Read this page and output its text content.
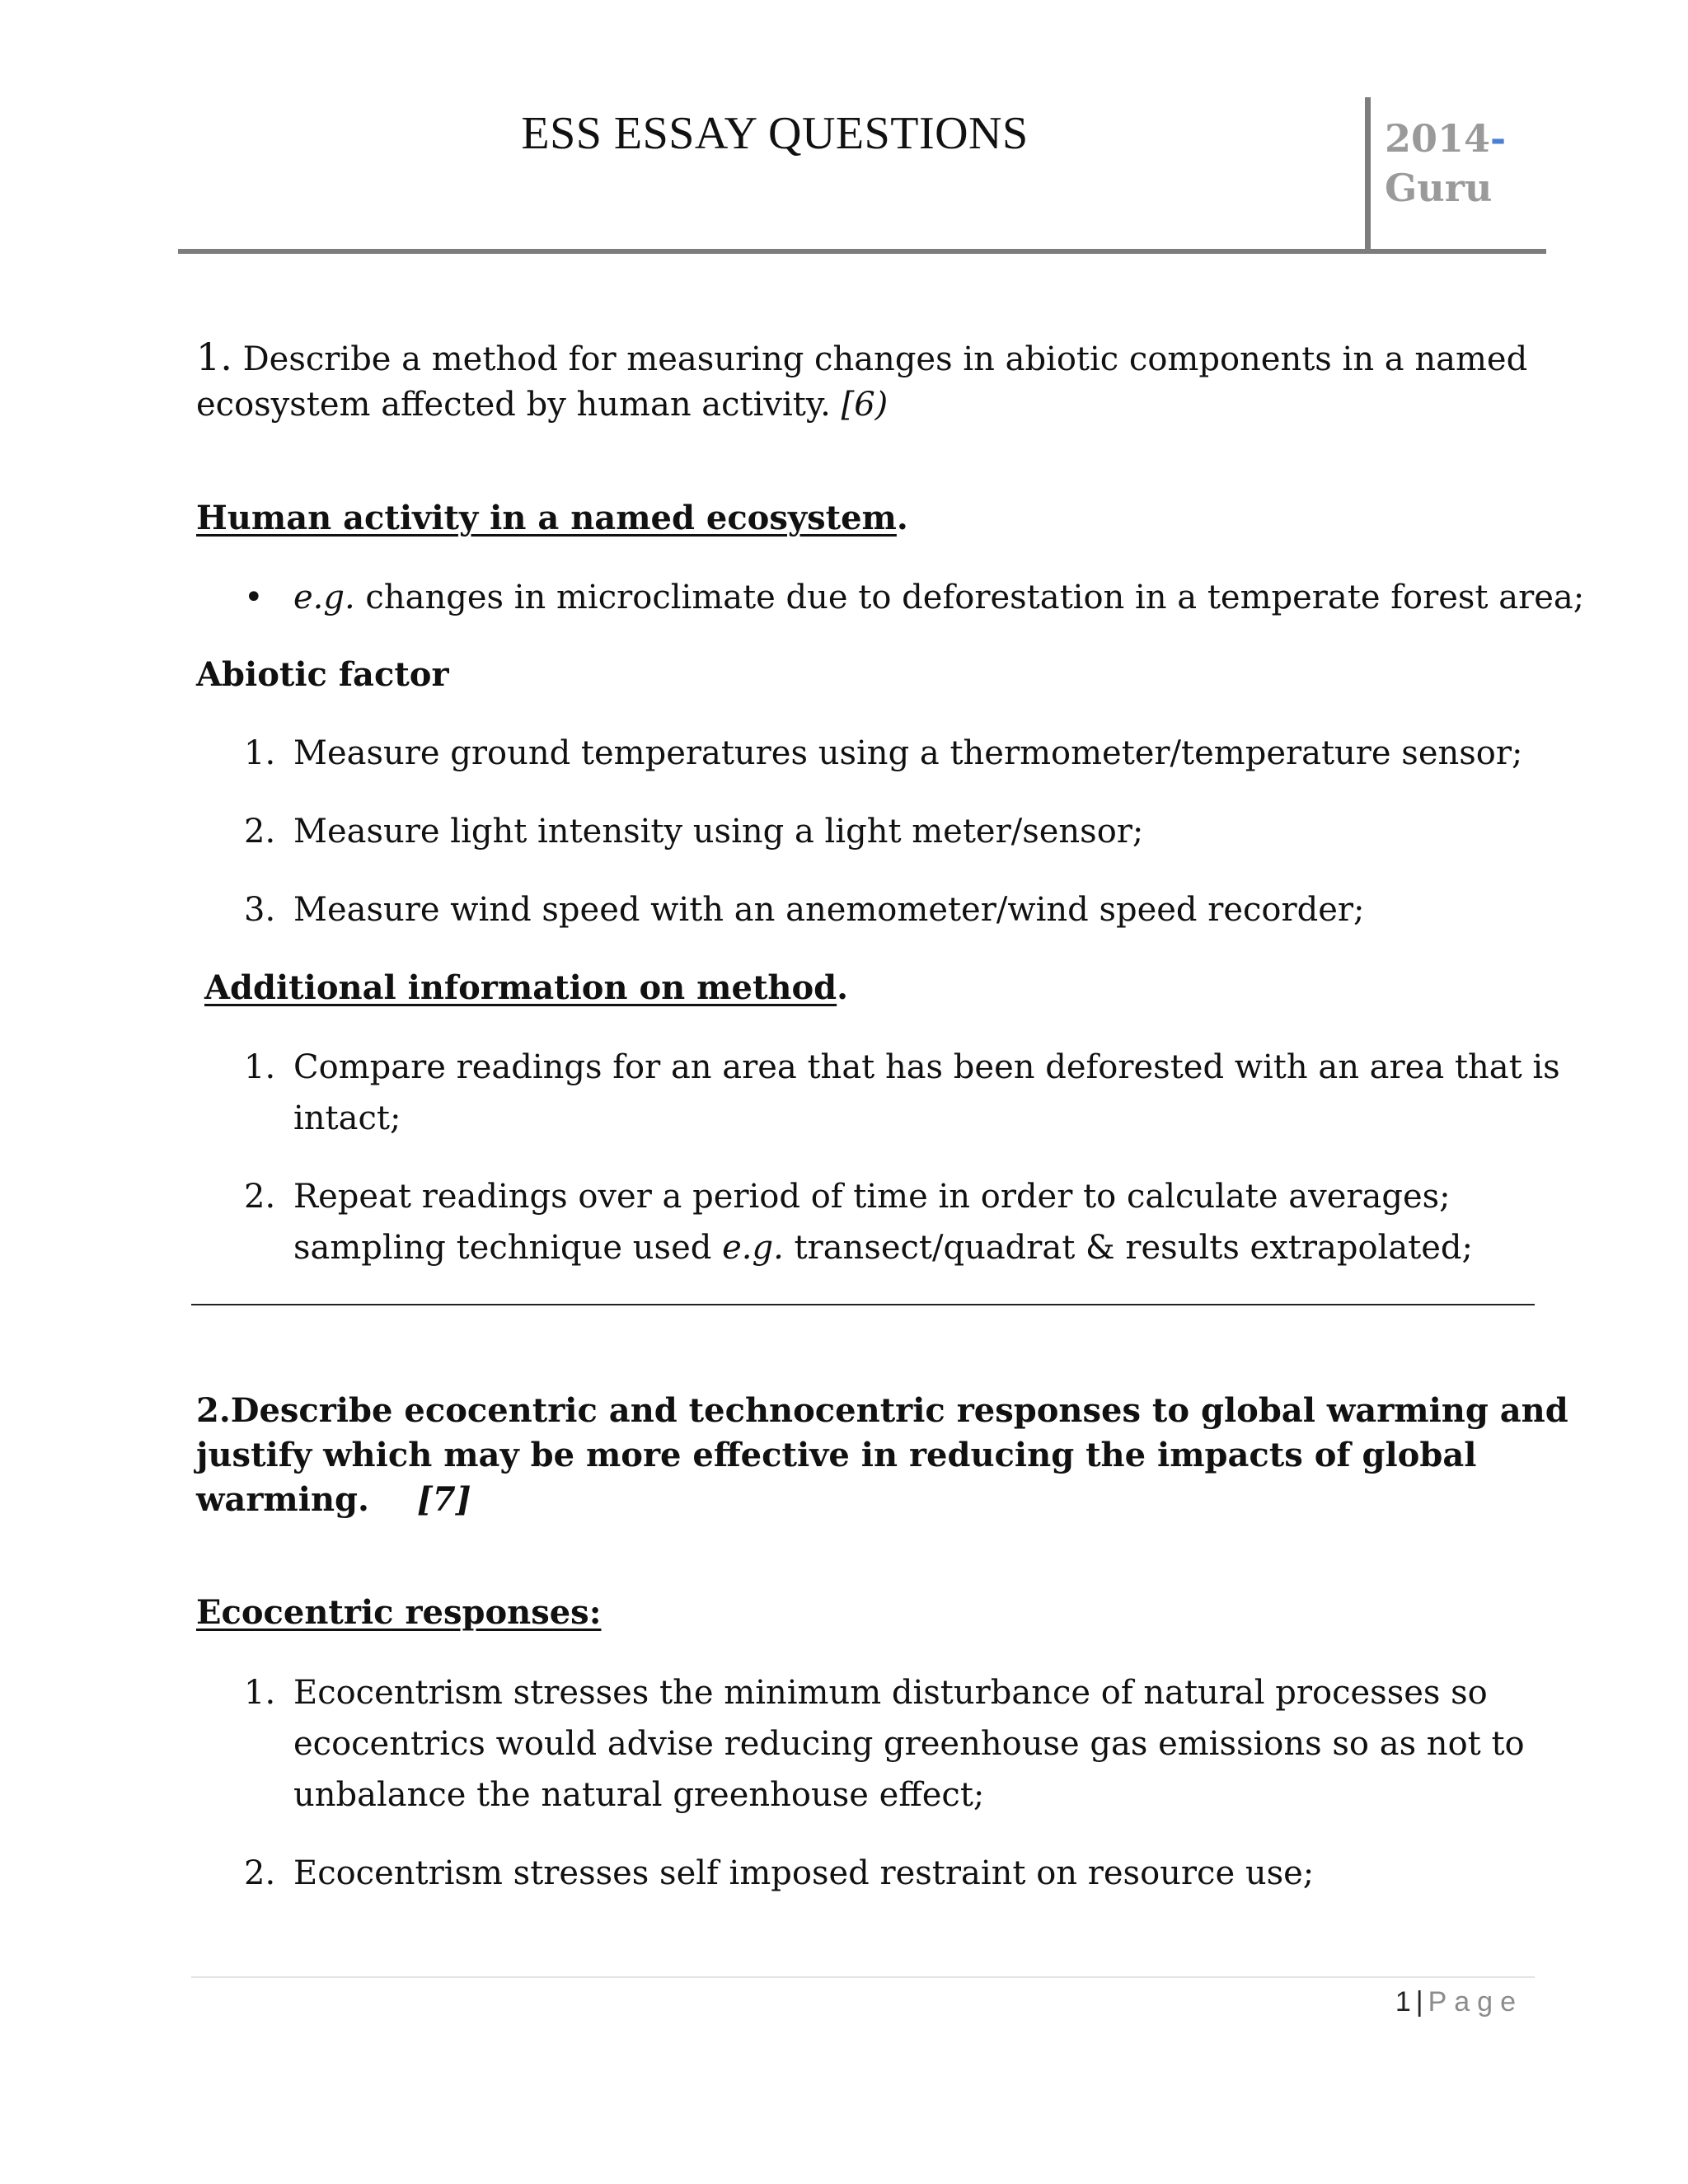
ESS ESSAY QUESTIONS	2014-
Guru
1. Describe a method for measuring changes in abiotic components in a named
ecosystem affected by human activity. [6)
Human activity in a named ecosystem.
• e.g. changes in microclimate due to deforestation in a temperate forest area;
Abiotic factor
1. Measure ground temperatures using a thermometer/temperature sensor;
2. Measure light intensity using a light meter/sensor;
3. Measure wind speed with an anemometer/wind speed recorder;
Additional information on method.
1. Compare readings for an area that has been deforested with an area that is
intact;
2. Repeat readings over a period of time in order to calculate averages;
sampling technique used e.g. transect/quadrat & results extrapolated;
2.Describe ecocentric and technocentric responses to global warming and
justify which may be more effective in reducing the impacts of global
warming. [7]
Ecocentric responses:
1. Ecocentrism stresses the minimum disturbance of natural processes so
ecocentrics would advise reducing greenhouse gas emissions so as not to
unbalance the natural greenhouse effect;
2. Ecocentrism stresses self imposed restraint on resource use;
1 | Page
